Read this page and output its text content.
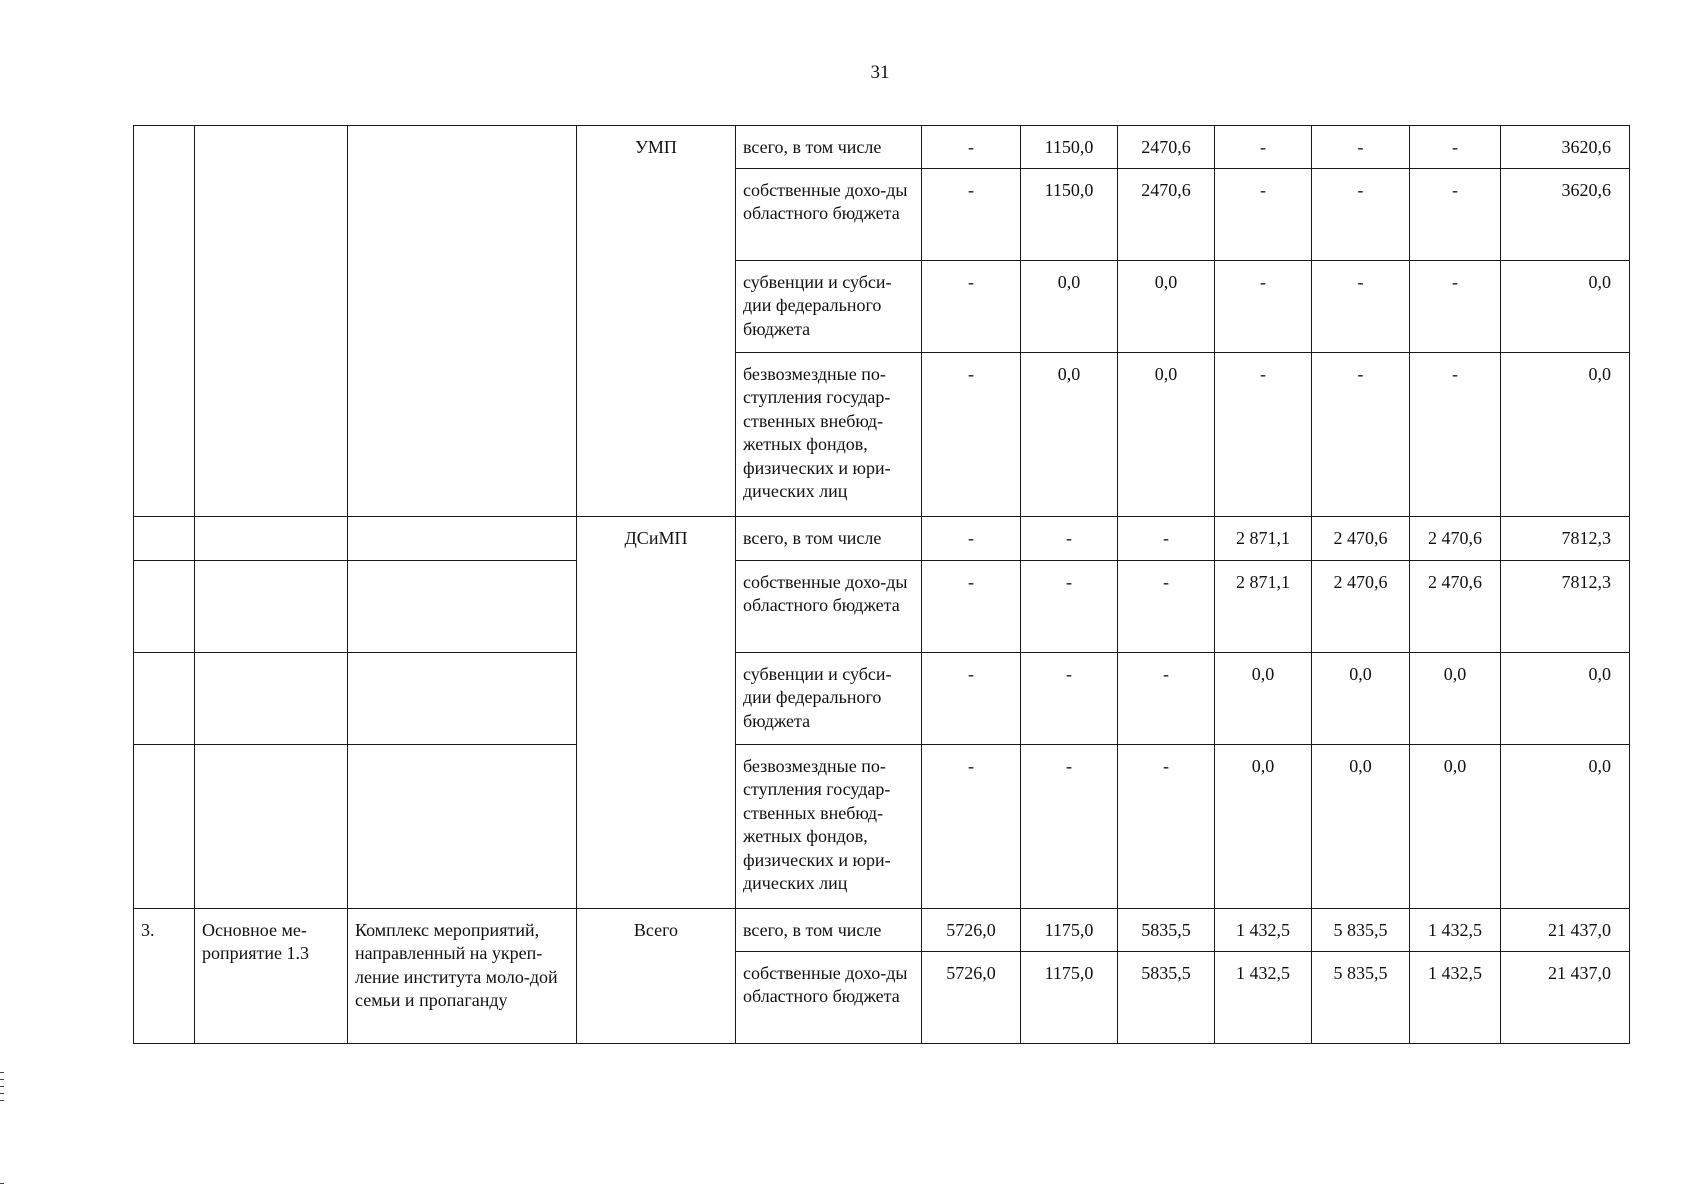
31
			УМП	всего, в том числе	-	1150,0	2470,6	-	-	-	3620,6
				собственные дохо-ды областного бюджета	-	1150,0	2470,6	-	-	-	3620,6
				субвенции и субси-дии федерального бюджета	-	0,0	0,0	-	-	-	0,0
				безвозмездные по-ступления государ-ственных внебюд-жетных фондов, физических и юри-дических лиц	-	0,0	0,0	-	-	-	0,0
			ДСиМП	всего, в том числе	-	-	-	2 871,1	2 470,6	2 470,6	7812,3
				собственные дохо-ды областного бюджета	-	-	-	2 871,1	2 470,6	2 470,6	7812,3
				субвенции и субси-дии федерального бюджета	-	-	-	0,0	0,0	0,0	0,0
				безвозмездные по-ступления государ-ственных внебюд-жетных фондов, физических и юри-дических лиц	-	-	-	0,0	0,0	0,0	0,0
3.	Основное ме-роприятие 1.3	Комплекс мероприятий, направленный на укреп-ление института моло-дой семьи и пропаганду	Всего	всего, в том числе	5726,0	1175,0	5835,5	1 432,5	5 835,5	1 432,5	21 437,0
				собственные дохо-ды областного бюджета	5726,0	1175,0	5835,5	1 432,5	5 835,5	1 432,5	21 437,0
